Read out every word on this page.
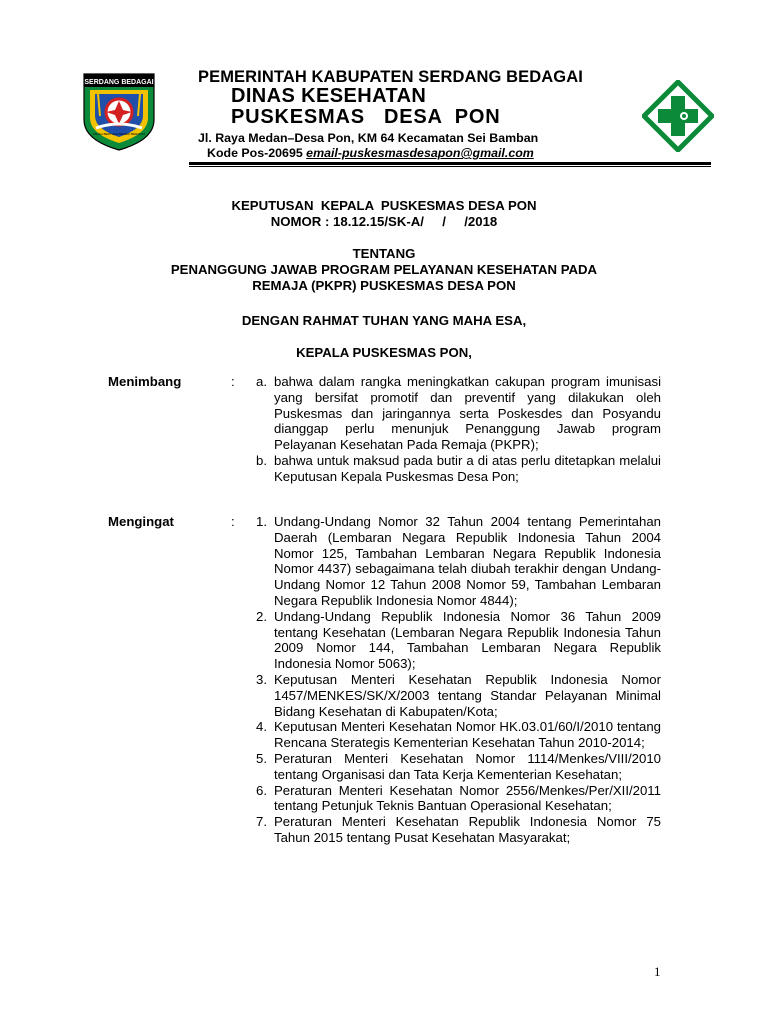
SERDANG BEDAGAI
TANAH BERTUAH NEGERI BERADAT
PEMERINTAH KABUPATEN SERDANG BEDAGAI
DINAS KESEHATAN
PUSKESMAS   DESA  PON
Jl. Raya Medan–Desa Pon, KM 64 Kecamatan Sei Bamban
Kode Pos-20695 email-puskesmasdesapon@gmail.com
KEPUTUSAN  KEPALA  PUSKESMAS DESA PON
NOMOR : 18.12.15/SK-A/     /     /2018
TENTANG
PENANGGUNG JAWAB PROGRAM PELAYANAN KESEHATAN PADA
REMAJA (PKPR) PUSKESMAS DESA PON
DENGAN RAHMAT TUHAN YANG MAHA ESA,
KEPALA PUSKESMAS PON,
Menimbang	: a. bahwa dalam rangka meningkatkan cakupan program imunisasi yang bersifat promotif dan preventif yang dilakukan oleh Puskesmas dan jaringannya serta Poskesdes dan Posyandu dianggap perlu menunjuk Penanggung Jawab program Pelayanan Kesehatan Pada Remaja (PKPR);
b. bahwa untuk maksud pada butir a di atas perlu ditetapkan melalui Keputusan Kepala Puskesmas Desa Pon;
Mengingat	: 1. Undang-Undang Nomor 32 Tahun 2004 tentang Pemerintahan Daerah (Lembaran Negara Republik Indonesia Tahun 2004 Nomor 125, Tambahan Lembaran Negara Republik Indonesia Nomor 4437) sebagaimana telah diubah terakhir dengan Undang-Undang Nomor 12 Tahun 2008 Nomor 59, Tambahan Lembaran Negara Republik Indonesia Nomor 4844);
2. Undang-Undang Republik Indonesia Nomor 36 Tahun 2009 tentang Kesehatan (Lembaran Negara Republik Indonesia Tahun 2009 Nomor 144, Tambahan Lembaran Negara Republik Indonesia Nomor 5063);
3. Keputusan Menteri Kesehatan Republik Indonesia Nomor 1457/MENKES/SK/X/2003 tentang Standar Pelayanan Minimal Bidang Kesehatan di Kabupaten/Kota;
4. Keputusan Menteri Kesehatan Nomor HK.03.01/60/I/2010 tentang Rencana Sterategis Kementerian Kesehatan Tahun 2010-2014;
5. Peraturan Menteri Kesehatan Nomor 1114/Menkes/VIII/2010 tentang Organisasi dan Tata Kerja Kementerian Kesehatan;
6. Peraturan Menteri Kesehatan Nomor 2556/Menkes/Per/XII/2011 tentang Petunjuk Teknis Bantuan Operasional Kesehatan;
7. Peraturan Menteri Kesehatan Republik Indonesia Nomor 75 Tahun 2015 tentang Pusat Kesehatan Masyarakat;
1
